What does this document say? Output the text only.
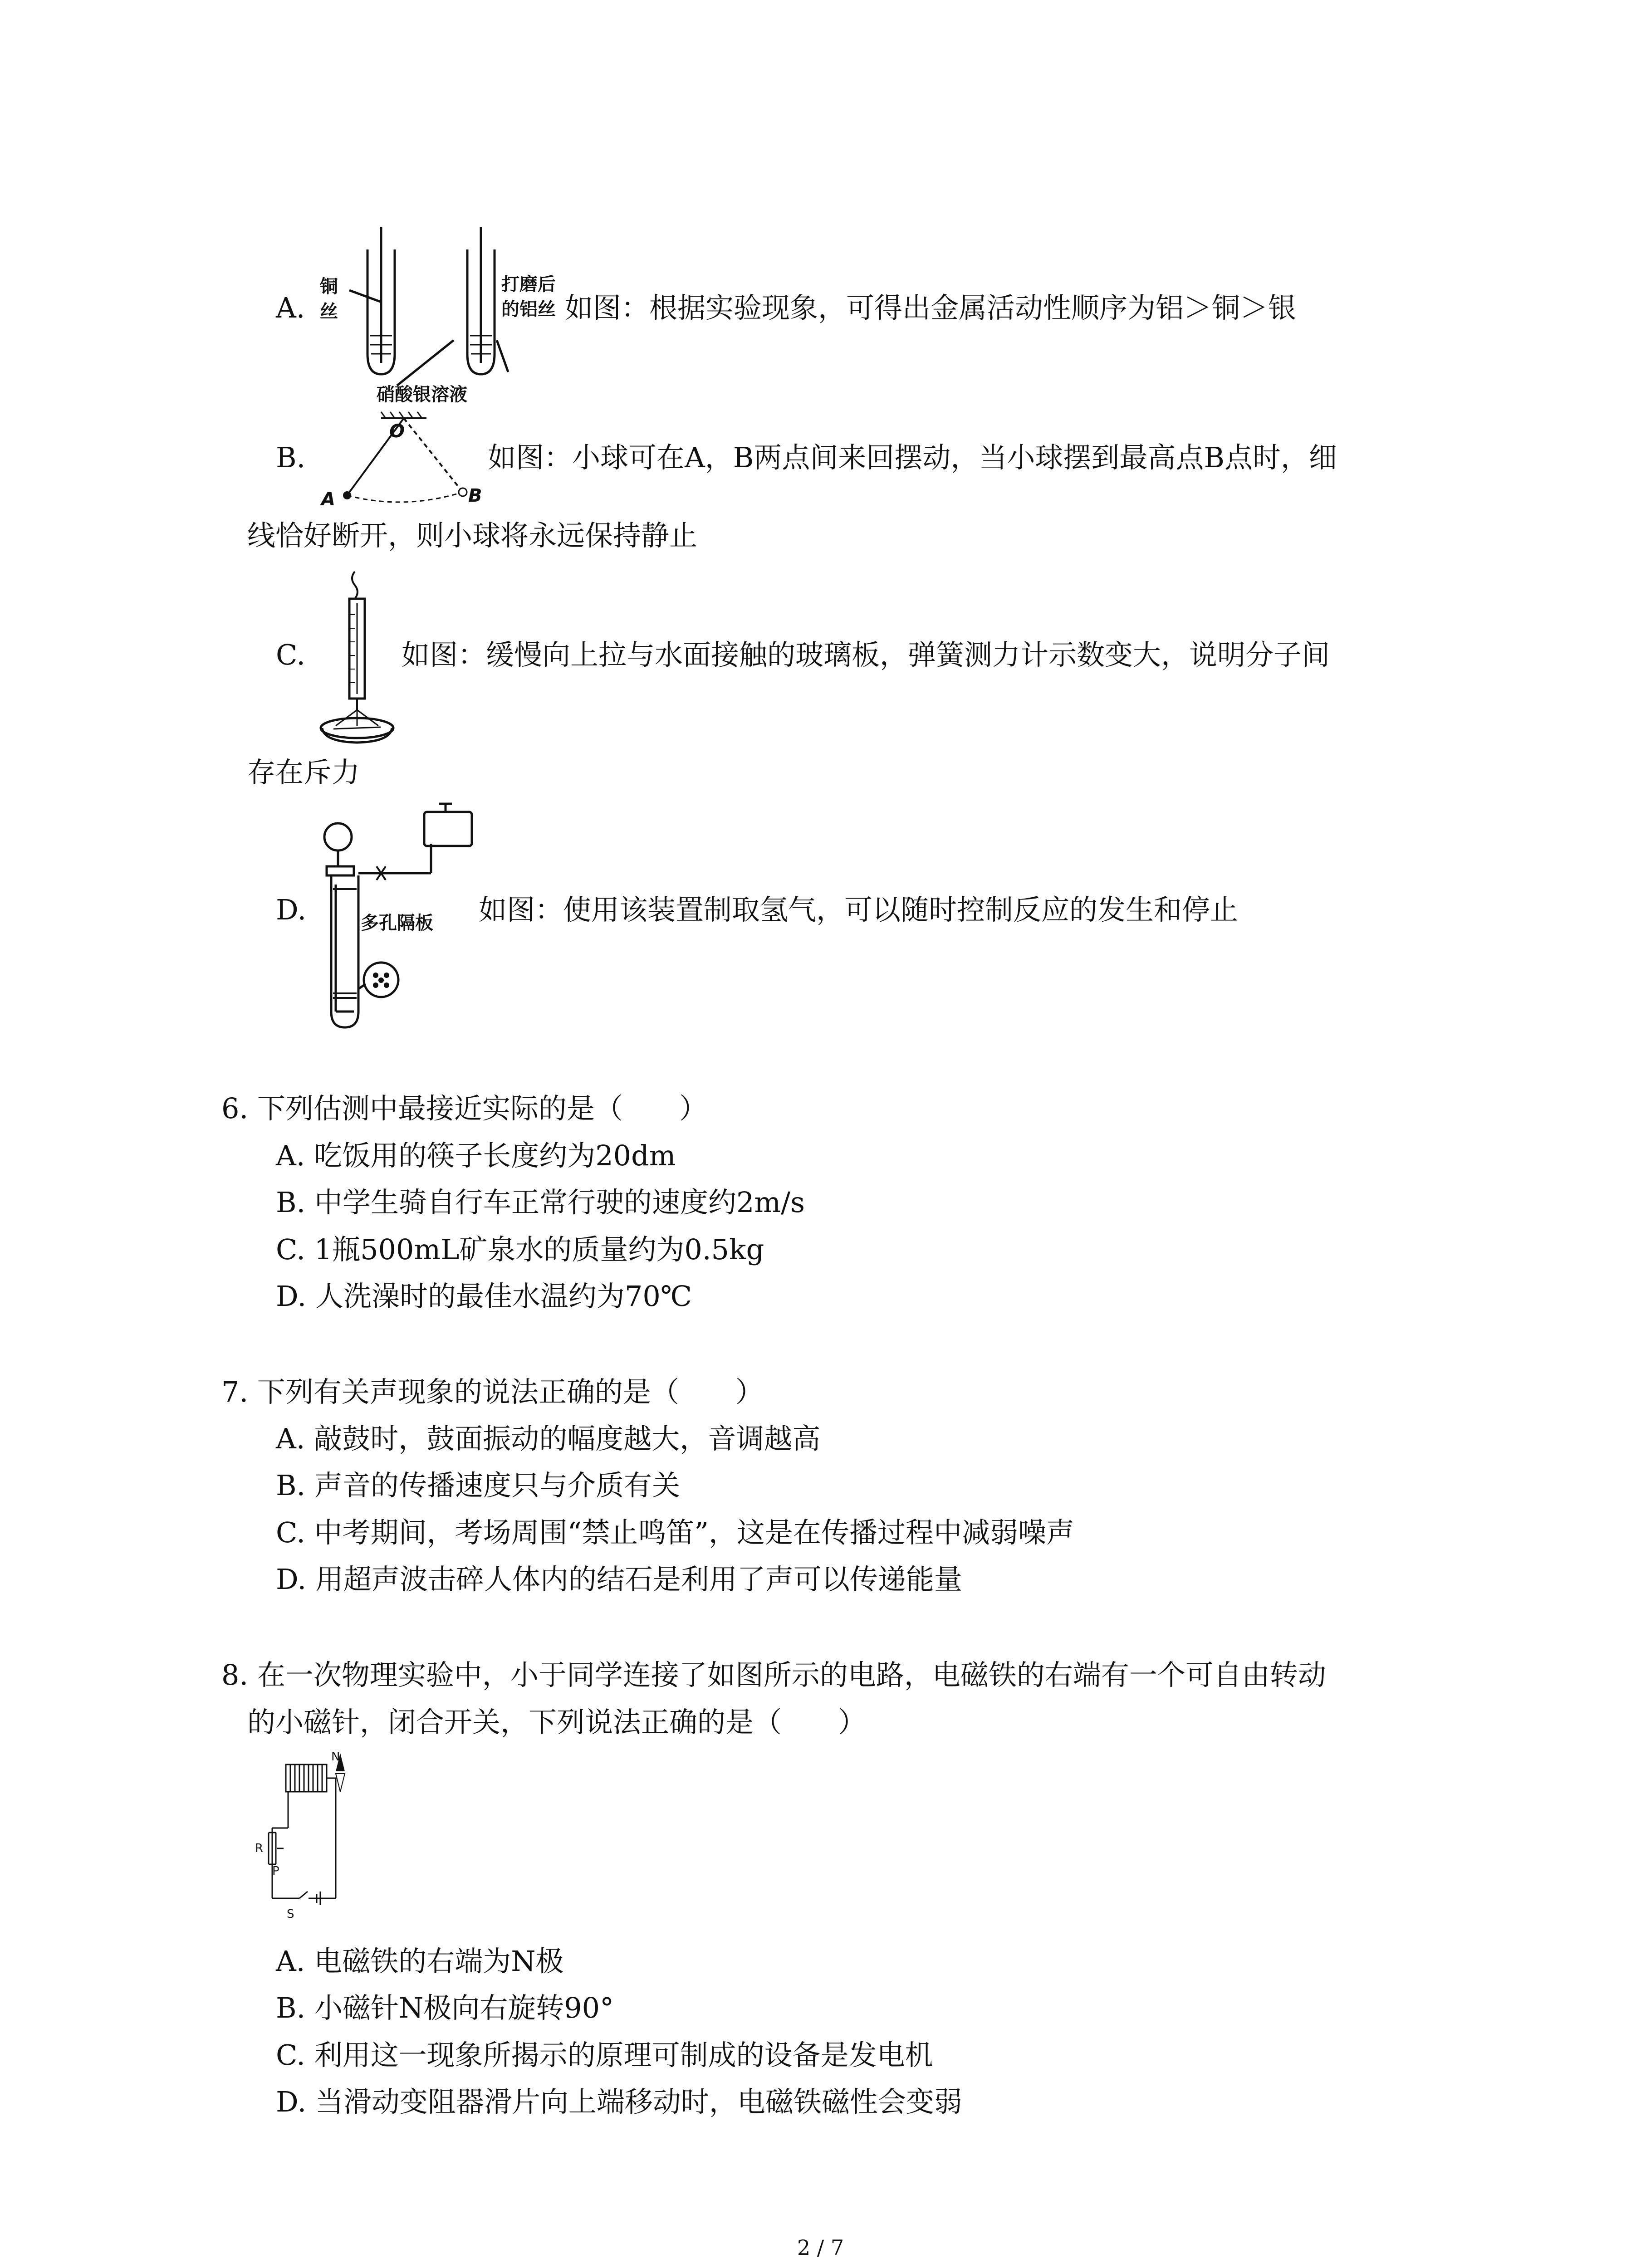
A.
铜
丝
打磨后
的铝丝
硝酸银溶液
如图：根据实验现象，可得出金属活动性顺序为铝＞铜＞银
B.
O
A	B
如图：小球可在A，B两点间来回摆动，当小球摆到最高点B点时，细
线恰好断开，则小球将永远保持静止
C.	如图：缓慢向上拉与水面接触的玻璃板，弹簧测力计示数变大，说明分子间
存在斥力
D.	多孔隔板 如图：使用该装置制取氢气，可以随时控制反应的发生和停止
6. 下列估测中最接近实际的是（　　）
A. 吃饭用的筷子长度约为20dm
B. 中学生骑自行车正常行驶的速度约2m/s
C. 1瓶500mL矿泉水的质量约为0.5kg
D. 人洗澡时的最佳水温约为70℃
7. 下列有关声现象的说法正确的是（　　）
A. 敲鼓时，鼓面振动的幅度越大，音调越高
B. 声音的传播速度只与介质有关
C. 中考期间，考场周围“禁止鸣笛”，这是在传播过程中减弱噪声
D. 用超声波击碎人体内的结石是利用了声可以传递能量
8. 在一次物理实验中，小于同学连接了如图所示的电路，电磁铁的右端有一个可自由转动
的小磁针，闭合开关，下列说法正确的是（　　）
N
R
P
S
A. 电磁铁的右端为N极
B. 小磁针N极向右旋转90°
C. 利用这一现象所揭示的原理可制成的设备是发电机
D. 当滑动变阻器滑片向上端移动时，电磁铁磁性会变弱
2 / 7
